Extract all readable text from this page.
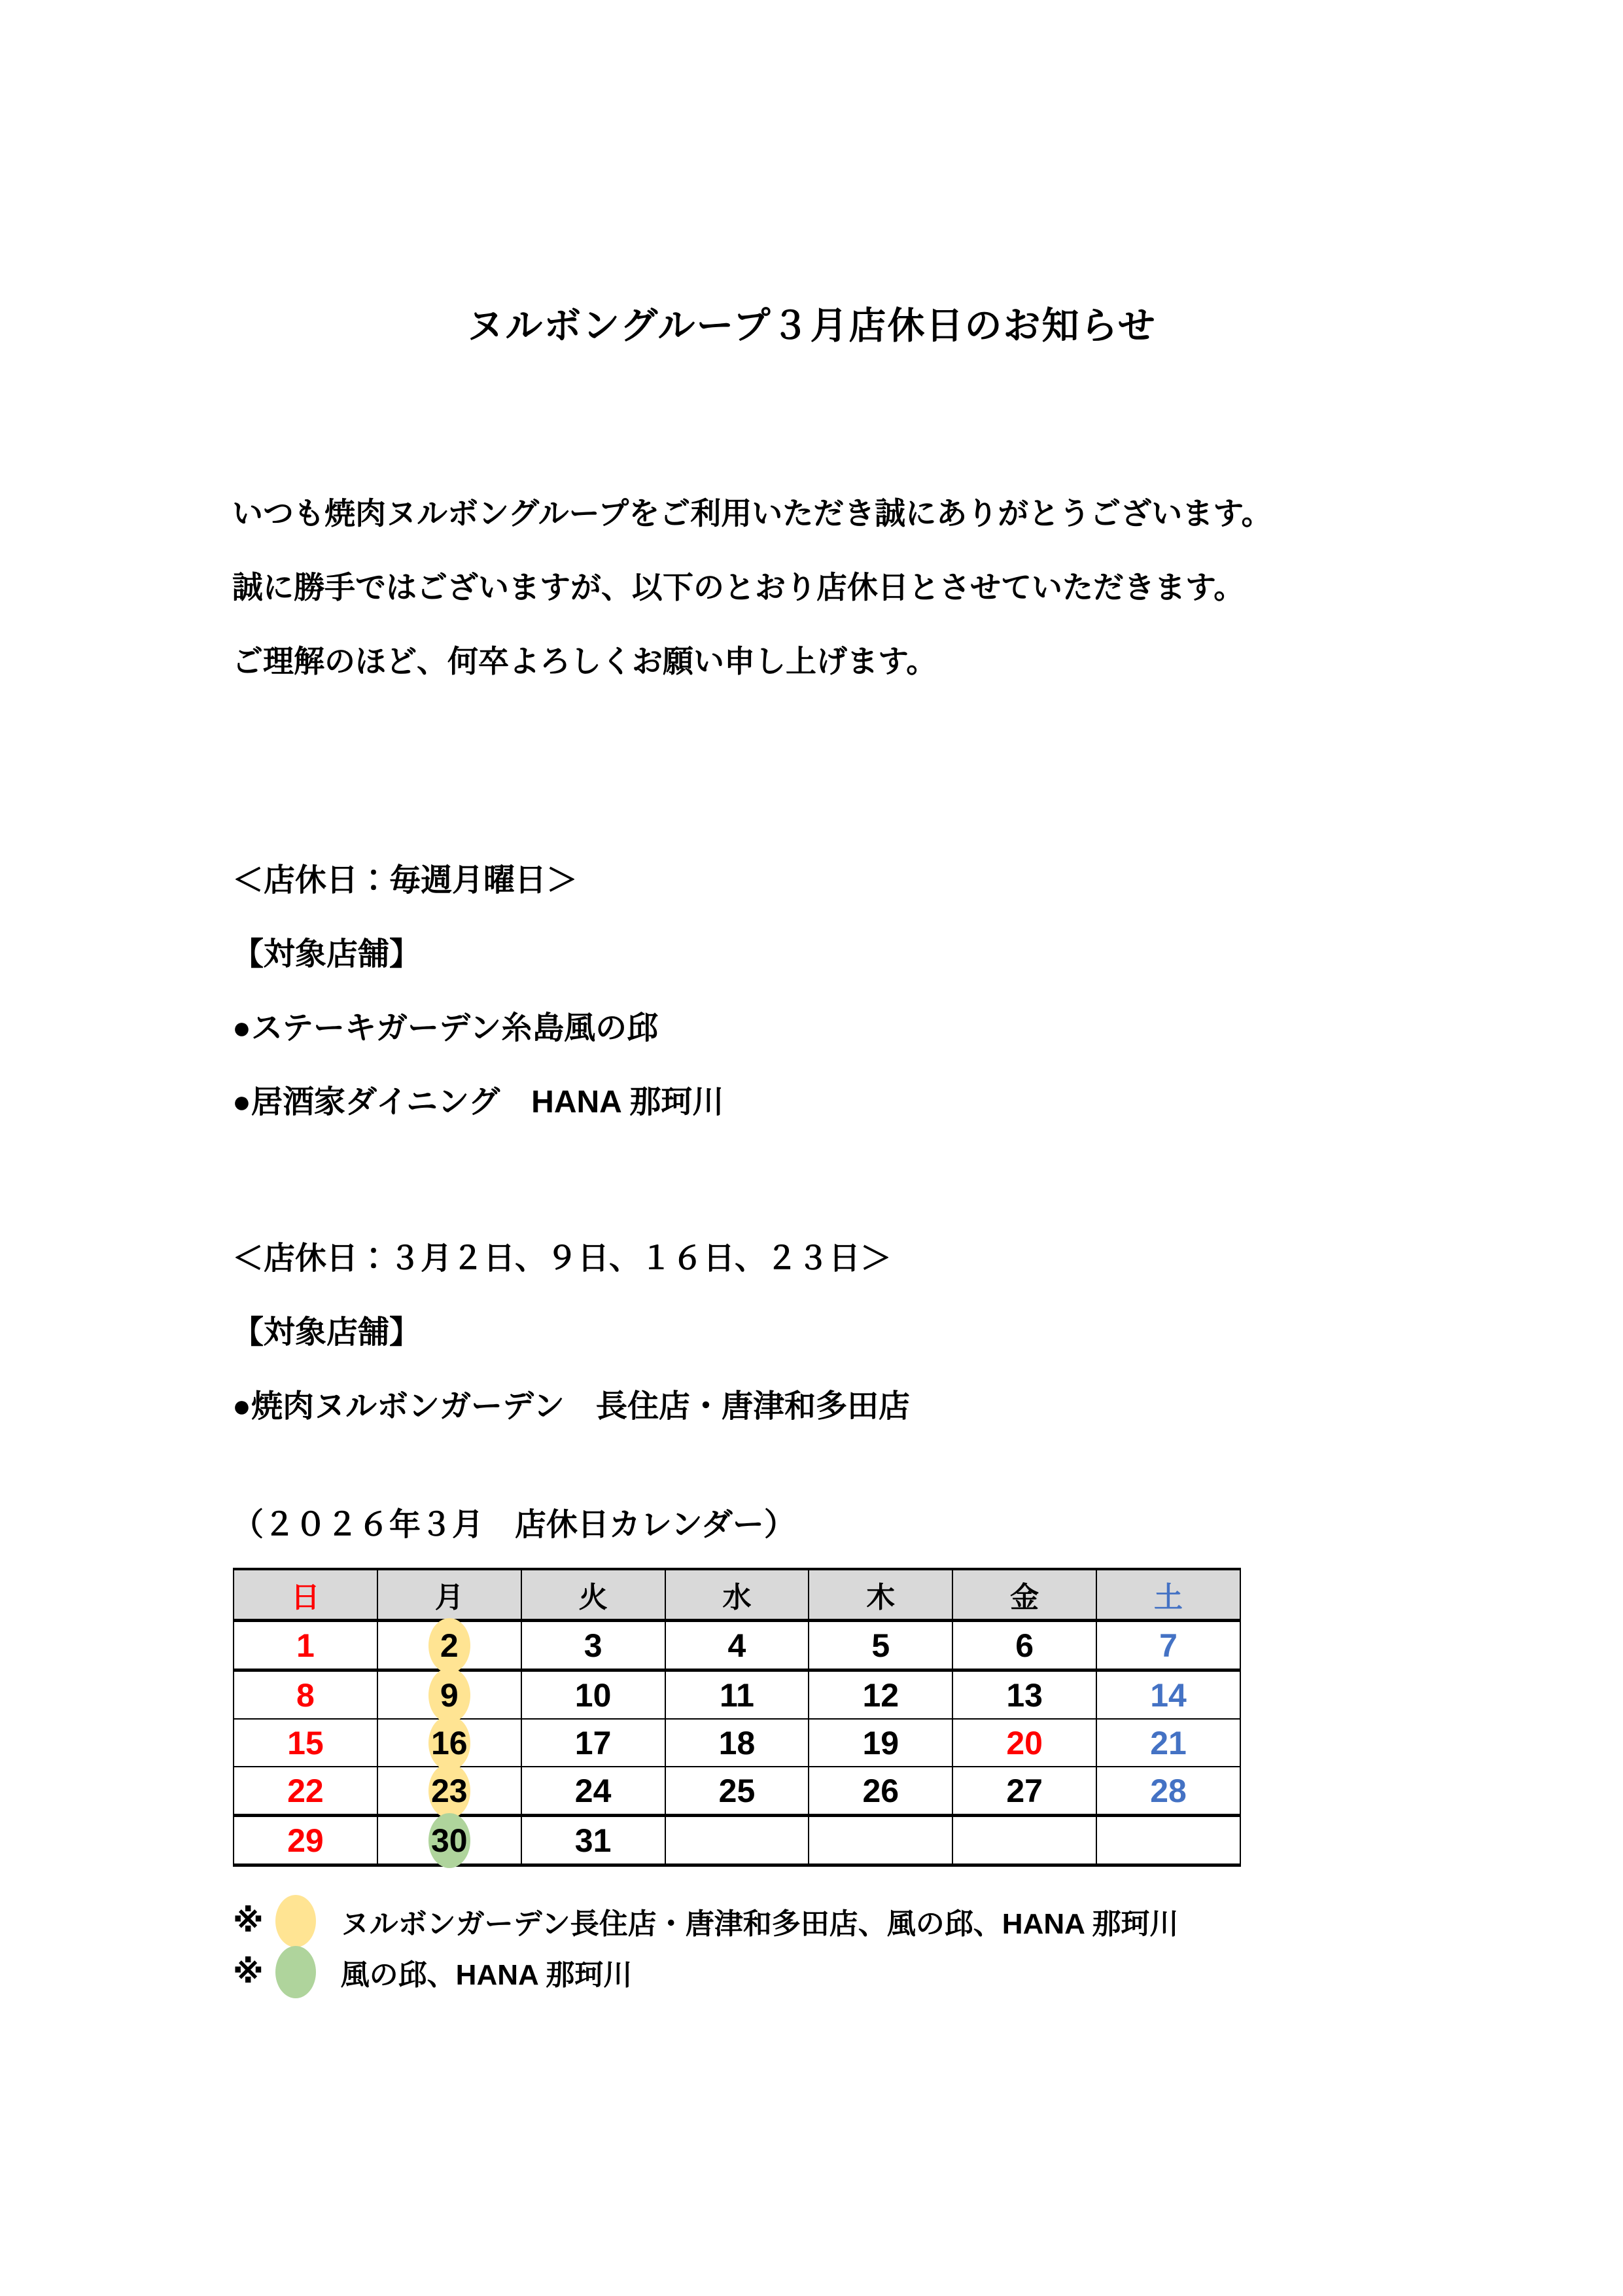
ヌルボングループ３月店休日のお知らせ
いつも焼肉ヌルボングループをご利用いただき誠にありがとうございます。
誠に勝手ではございますが、以下のとおり店休日とさせていただきます。
ご理解のほど、何卒よろしくお願い申し上げます。
＜店休日：毎週月曜日＞
【対象店舗】
●ステーキガーデン糸島風の邱
●居酒家ダイニング　HANA 那珂川
＜店休日：３月２日、９日、１６日、２３日＞
【対象店舗】
●焼肉ヌルボンガーデン　長住店・唐津和多田店
（２０２６年３月　店休日カレンダー）
日	月	火	水	木	金	土
1	2	3	4	5	6	7
8	9	10	11	12	13	14
15	16	17	18	19	20	21
22	23	24	25	26	27	28
29	30	31				
※	ヌルボンガーデン長住店・唐津和多田店、風の邱、HANA 那珂川
※	風の邱、HANA 那珂川
